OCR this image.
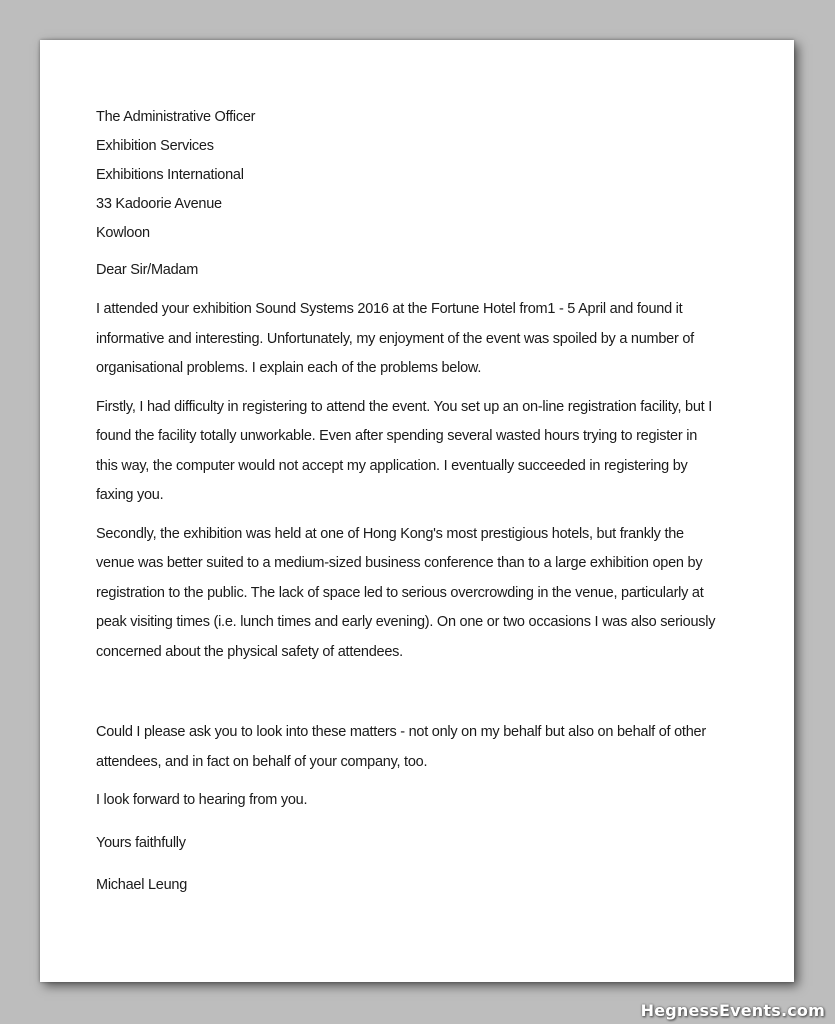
The Administrative Officer
Exhibition Services
Exhibitions International
33 Kadoorie Avenue
Kowloon
Dear Sir/Madam

I attended your exhibition Sound Systems 2016 at the Fortune Hotel from1 - 5 April and found it informative and interesting. Unfortunately, my enjoyment of the event was spoiled by a number of organisational problems. I explain each of the problems below.

Firstly, I had difficulty in registering to attend the event. You set up an on-line registration facility, but I found the facility totally unworkable. Even after spending several wasted hours trying to register in this way, the computer would not accept my application. I eventually succeeded in registering by faxing you.

Secondly, the exhibition was held at one of Hong Kong's most prestigious hotels, but frankly the venue was better suited to a medium-sized business conference than to a large exhibition open by registration to the public. The lack of space led to serious overcrowding in the venue, particularly at peak visiting times (i.e. lunch times and early evening). On one or two occasions I was also seriously concerned about the physical safety of attendees.

Could I please ask you to look into these matters - not only on my behalf but also on behalf of other attendees, and in fact on behalf of your company, too.

I look forward to hearing from you.

Yours faithfully
Michael Leung
HegnessEvents.com
